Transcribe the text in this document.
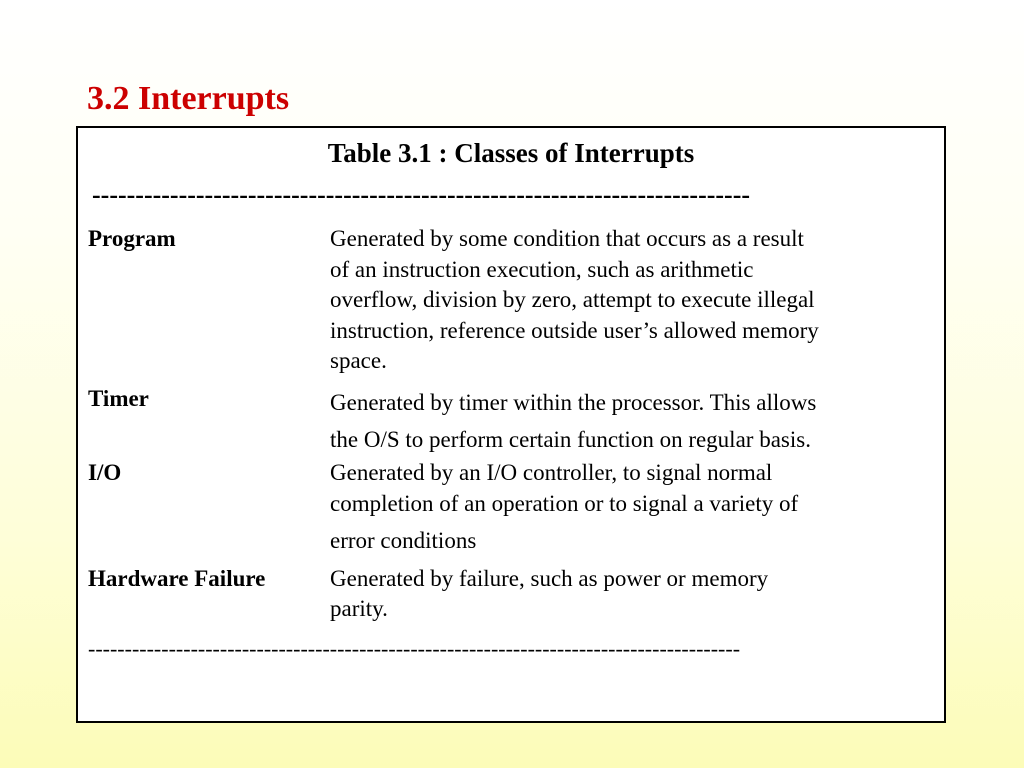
3.2 Interrupts
Table 3.1 : Classes of Interrupts
----------------------------------------------------------------------------
Program	Generated by some condition that occurs as a result
of an instruction execution, such as arithmetic
overflow, division by zero, attempt to execute illegal
instruction, reference outside user’s allowed memory
space.
Timer	Generated by timer within the processor. This allows
the O/S to perform certain function on regular basis.
I/O	Generated by an I/O controller, to signal normal
completion of an operation or to signal a variety of
error conditions
Hardware Failure	Generated by failure, such as power or memory
parity.
-----------------------------------------------------------------------------------------
